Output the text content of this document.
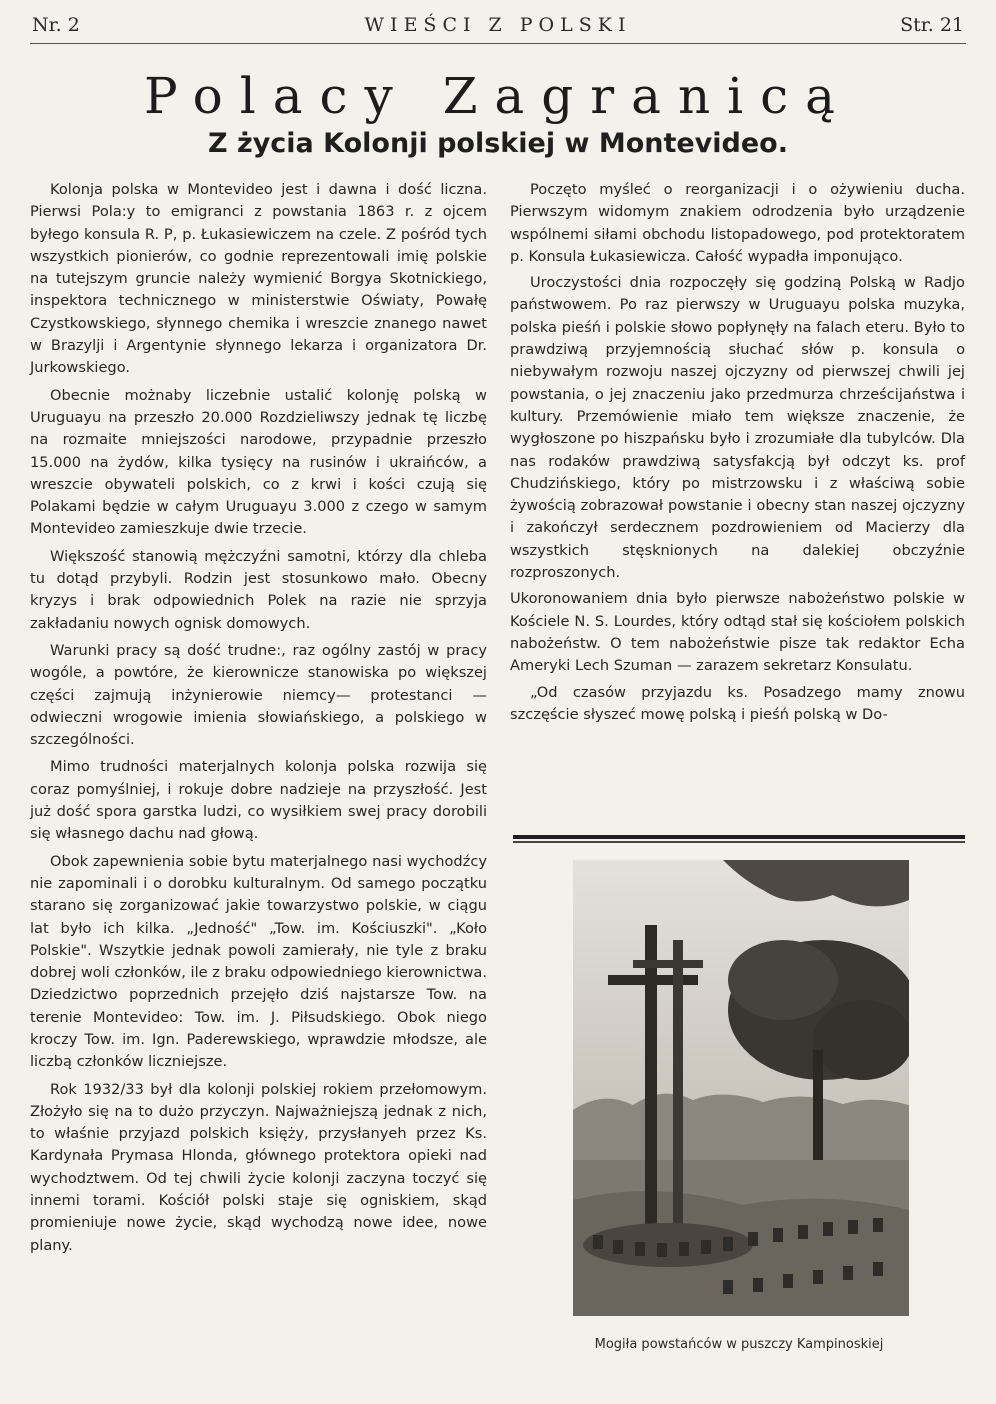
Nr. 2	WIEŚCI Z POLSKI	Str. 21
Polacy Zagranicą
Z życia Kolonji polskiej w Montevideo.

Kolonja polska w Montevideo jest i dawna i dość liczna. Pierwsi Pola:y to emigranci z powstania 1863 r. z ojcem byłego konsula R. P, p. Łukasiewiczem na czele. Z pośród tych wszystkich pionierów, co godnie reprezentowali imię polskie na tutejszym gruncie należy wymienić Borgya Skotnickiego, inspektora technicznego w ministerstwie Oświaty, Powałę Czystkowskiego, słynnego chemika i wreszcie znanego nawet w Brazylji i Argentynie słynnego lekarza i organizatora Dr. Jurkowskiego.

Obecnie możnaby liczebnie ustalić kolonję polską w Uruguayu na przeszło 20.000 Rozdzieliwszy jednak tę liczbę na rozmaite mniejszości narodowe, przypadnie przeszło 15.000 na żydów, kilka tysięcy na rusinów i ukraińców, a wreszcie obywateli polskich, co z krwi i kości czują się Polakami będzie w całym Uruguayu 3.000 z czego w samym Montevideo zamieszkuje dwie trzecie.

Większość stanowią mężczyźni samotni, którzy dla chleba tu dotąd przybyli. Rodzin jest stosunkowo mało. Obecny kryzys i brak odpowiednich Polek na razie nie sprzyja zakładaniu nowych ognisk domowych.

Warunki pracy są dość trudne:, raz ogólny zastój w pracy wogóle, a powtóre, że kierownicze stanowiska po większej części zajmują inżynierowie niemcy— protestanci — odwieczni wrogowie imienia słowiańskiego, a polskiego w szczególności.

Mimo trudności materjalnych kolonja polska rozwija się coraz pomyślniej, i rokuje dobre nadzieje na przyszłość. Jest już dość spora garstka ludzi, co wysiłkiem swej pracy dorobili się własnego dachu nad głową.

Obok zapewnienia sobie bytu materjalnego nasi wychodźcy nie zapominali i o dorobku kulturalnym. Od samego początku starano się zorganizować jakie towarzystwo polskie, w ciągu lat było ich kilka. „Jedność" „Tow. im. Kościuszki". „Koło Polskie". Wszytkie jednak powoli zamierały, nie tyle z braku dobrej woli członków, ile z braku odpowiedniego kierownictwa. Dziedzictwo poprzednich przejęło dziś najstarsze Tow. na terenie Montevideo: Tow. im. J. Piłsudskiego. Obok niego kroczy Tow. im. Ign. Paderewskiego, wprawdzie młodsze, ale liczbą członków liczniejsze.

Rok 1932/33 był dla kolonji polskiej rokiem przełomowym. Złożyło się na to dużo przyczyn. Najważniejszą jednak z nich, to właśnie przyjazd polskich księży, przysłanyeh przez Ks. Kardynała Prymasa Hlonda, głównego protektora opieki nad wychodztwem. Od tej chwili życie kolonji zaczyna toczyć się innemi torami. Kościół polski staje się ogniskiem, skąd promieniuje nowe życie, skąd wychodzą nowe idee, nowe plany.

Poczęto myśleć o reorganizacji i o ożywieniu ducha. Pierwszym widomym znakiem odrodzenia było urządzenie wspólnemi siłami obchodu listopadowego, pod protektoratem p. Konsula Łukasiewicza. Całość wypadła imponująco.

Uroczystości dnia rozpoczęły się godziną Polską w Radjo państwowem. Po raz pierwszy w Uruguayu polska muzyka, polska pieśń i polskie słowo popłynęły na falach eteru. Było to prawdziwą przyjemnością słuchać słów p. konsula o niebywałym rozwoju naszej ojczyzny od pierwszej chwili jej powstania, o jej znaczeniu jako przedmurza chrześcijaństwa i kultury. Przemówienie miało tem większe znaczenie, że wygłoszone po hiszpańsku było i zrozumiałe dla tubylców. Dla nas rodaków prawdziwą satysfakcją był odczyt ks. prof Chudzińskiego, który po mistrzowsku i z właściwą sobie żywością zobrazował powstanie i obecny stan naszej ojczyzny i zakończył serdecznem pozdrowieniem od Macierzy dla wszystkich stęsknionych na dalekiej obczyźnie rozproszonych.

Ukoronowaniem dnia było pierwsze nabożeństwo polskie w Kościele N. S. Lourdes, który odtąd stał się kościołem polskich nabożeństw. O tem nabożeństwie pisze tak redaktor Echa Ameryki Lech Szuman — zarazem sekretarz Konsulatu.

„Od czasów przyjazdu ks. Posadzego mamy znowu szczęście słyszeć mowę polską i pieśń polską w Do-

Mogiła powstańców w puszczy Kampinoskiej
